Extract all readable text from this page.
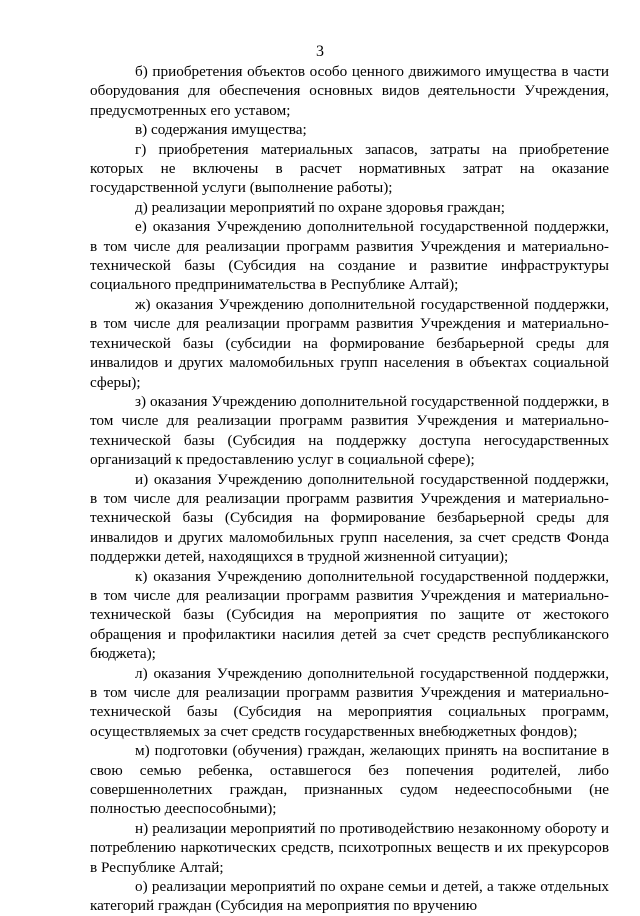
3

б) приобретения объектов особо ценного движимого имущества в части оборудования для обеспечения основных видов деятельности Учреждения, предусмотренных его уставом;

в) содержания имущества;

г) приобретения материальных запасов, затраты на приобретение которых не включены в расчет нормативных затрат на оказание государственной услуги (выполнение работы);

д) реализации мероприятий по охране здоровья граждан;

е) оказания Учреждению дополнительной государственной поддержки, в том числе для реализации программ развития Учреждения и материально-технической базы (Субсидия на создание и развитие инфраструктуры социального предпринимательства в Республике Алтай);

ж) оказания Учреждению дополнительной государственной поддержки, в том числе для реализации программ развития Учреждения и материально-технической базы (субсидии на формирование безбарьерной среды для инвалидов и других маломобильных групп населения в объектах социальной сферы);

з) оказания Учреждению дополнительной государственной поддержки, в том числе для реализации программ развития Учреждения и материально-технической базы (Субсидия на поддержку доступа негосударственных организаций к предоставлению услуг в социальной сфере);

и) оказания Учреждению дополнительной государственной поддержки, в том числе для реализации программ развития Учреждения и материально-технической базы (Субсидия на формирование безбарьерной среды для инвалидов и других маломобильных групп населения, за счет средств Фонда поддержки детей, находящихся в трудной жизненной ситуации);

к) оказания Учреждению дополнительной государственной поддержки, в том числе для реализации программ развития Учреждения и материально-технической базы (Субсидия на мероприятия по защите от жестокого обращения и профилактики насилия детей за счет средств республиканского бюджета);

л) оказания Учреждению дополнительной государственной поддержки, в том числе для реализации программ развития Учреждения и материально-технической базы (Субсидия на мероприятия социальных программ, осуществляемых за счет средств государственных внебюджетных фондов);

м) подготовки (обучения) граждан, желающих принять на воспитание в свою семью ребенка, оставшегося без попечения родителей, либо совершеннолетних граждан, признанных судом недееспособными (не полностью дееспособными);

н) реализации мероприятий по противодействию незаконному обороту и потреблению наркотических средств, психотропных веществ и их прекурсоров в Республике Алтай;

о) реализации мероприятий по охране семьи и детей, а также отдельных категорий граждан (Субсидия на мероприятия по вручению
